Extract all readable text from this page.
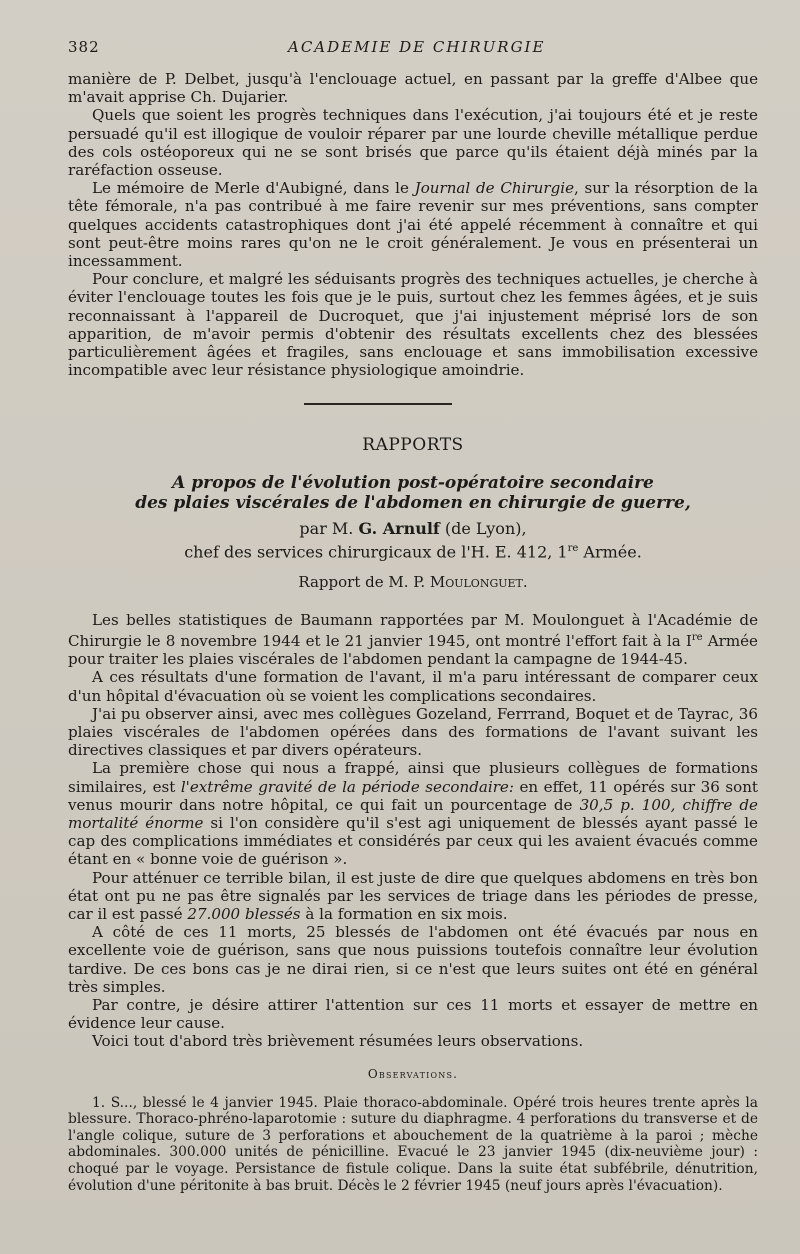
382	ACADEMIE DE CHIRURGIE

manière de P. Delbet, jusqu'à l'enclouage actuel, en passant par la greffe d'Albee que m'avait apprise Ch. Dujarier.

Quels que soient les progrès techniques dans l'exécution, j'ai toujours été et je reste persuadé qu'il est illogique de vouloir réparer par une lourde cheville métallique perdue des cols ostéoporeux qui ne se sont brisés que parce qu'ils étaient déjà minés par la raréfaction osseuse.

Le mémoire de Merle d'Aubigné, dans le Journal de Chirurgie, sur la résorption de la tête fémorale, n'a pas contribué à me faire revenir sur mes préventions, sans compter quelques accidents catastrophiques dont j'ai été appelé récemment à connaître et qui sont peut-être moins rares qu'on ne le croit généralement. Je vous en présenterai un incessamment.

Pour conclure, et malgré les séduisants progrès des techniques actuelles, je cherche à éviter l'enclouage toutes les fois que je le puis, surtout chez les femmes âgées, et je suis reconnaissant à l'appareil de Ducroquet, que j'ai injustement méprisé lors de son apparition, de m'avoir permis d'obtenir des résultats excellents chez des blessées particulièrement âgées et fragiles, sans enclouage et sans immobilisation excessive incompatible avec leur résistance physiologique amoindrie.

RAPPORTS
A propos de l'évolution post-opératoire secondaire
des plaies viscérales de l'abdomen en chirurgie de guerre,
par M. G. Arnulf (de Lyon),
chef des services chirurgicaux de l'H. E. 412, 1re Armée.
Rapport de M. P. Moulonguet.

Les belles statistiques de Baumann rapportées par M. Moulonguet à l'Académie de Chirurgie le 8 novembre 1944 et le 21 janvier 1945, ont montré l'effort fait à la Ire Armée pour traiter les plaies viscérales de l'abdomen pendant la campagne de 1944-45.

A ces résultats d'une formation de l'avant, il m'a paru intéressant de comparer ceux d'un hôpital d'évacuation où se voient les complications secondaires.

J'ai pu observer ainsi, avec mes collègues Gozeland, Ferrrand, Boquet et de Tayrac, 36 plaies viscérales de l'abdomen opérées dans des formations de l'avant suivant les directives classiques et par divers opérateurs.

La première chose qui nous a frappé, ainsi que plusieurs collègues de formations similaires, est l'extrême gravité de la période secondaire: en effet, 11 opérés sur 36 sont venus mourir dans notre hôpital, ce qui fait un pourcentage de 30,5 p. 100, chiffre de mortalité énorme si l'on considère qu'il s'est agi uniquement de blessés ayant passé le cap des complications immédiates et considérés par ceux qui les avaient évacués comme étant en « bonne voie de guérison ».

Pour atténuer ce terrible bilan, il est juste de dire que quelques abdomens en très bon état ont pu ne pas être signalés par les services de triage dans les périodes de presse, car il est passé 27.000 blessés à la formation en six mois.

A côté de ces 11 morts, 25 blessés de l'abdomen ont été évacués par nous en excellente voie de guérison, sans que nous puissions toutefois connaître leur évolution tardive. De ces bons cas je ne dirai rien, si ce n'est que leurs suites ont été en général très simples.

Par contre, je désire attirer l'attention sur ces 11 morts et essayer de mettre en évidence leur cause.

Voici tout d'abord très brièvement résumées leurs observations.

Observations.

1. S..., blessé le 4 janvier 1945. Plaie thoraco-abdominale. Opéré trois heures trente après la blessure. Thoraco-phréno-laparotomie : suture du diaphragme. 4 perforations du transverse et de l'angle colique, suture de 3 perforations et abouchement de la quatrième à la paroi ; mèche abdominales. 300.000 unités de pénicilline. Evacué le 23 janvier 1945 (dix-neuvième jour) : choqué par le voyage. Persistance de fistule colique. Dans la suite état subfébrile, dénutrition, évolution d'une péritonite à bas bruit. Décès le 2 février 1945 (neuf jours après l'évacuation).
